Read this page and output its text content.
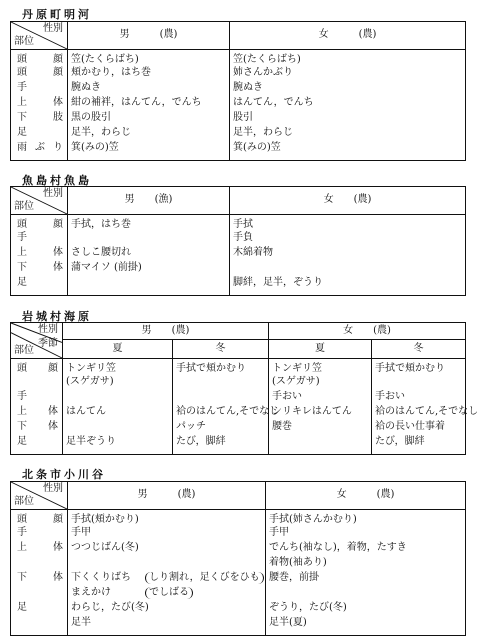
丹原町明河
性別
部位	男　　　(農)	女　　　(農)
頭　　顔	笠(たくらばち)	笠(たくらばち)
頭　　顔	頬かむり，はち巻	姉さんかぶり
手	腕ぬき	腕ぬき
上　　体	紺の補袢，はんてん，でんち	はんてん，でんち
下　　肢	黒の股引	股引
足	足半，わらじ	足半，わらじ
雨 ぶ り	箕(みの)笠	箕(みの)笠

魚島村魚島
性別
部位	男　　(漁)	女　　(農)
頭　　顔	手拭，はち巻	手拭
手		手負
上　　体	さしこ腰切れ	木綿着物
下　　体	蒲マイソ (前掛)	
足		脚絆，足半，ぞうり

岩城村海原
性別
季節
部位	男　　(農)		女　　(農)	
	夏	冬	夏	冬
頭　　顔	トンギリ笠	手拭で頬かむり	トンギリ笠	手拭で頬かむり
	(スゲガサ)		(スゲガサ)	
手			手おい	手おい
上　　体	はんてん	袷のはんてん,そでなし	シリキレはんてん	袷のはんてん,そでなし
下　　体		パッチ	腰巻	袷の長い仕事着
足	足半ぞうり	たび，脚絆		たび，脚絆

北条市小川谷
性別
部位	男　　　(農)	女　　　(農)
頭　　顔	手拭(頬かむり)	手拭(姉さんかむり)
手	手甲	手甲
上　　体	つつじばん(冬)	でんち(袖なし)，着物，たすき
		着物(袖あり)
下　　体	下くくりばち しり割れ，足くびをひも	腰巻，前掛
	まえかけ でしばる	
足	わらじ，たび(冬)	ぞうり，たび(冬)
	足半	足半(夏)
